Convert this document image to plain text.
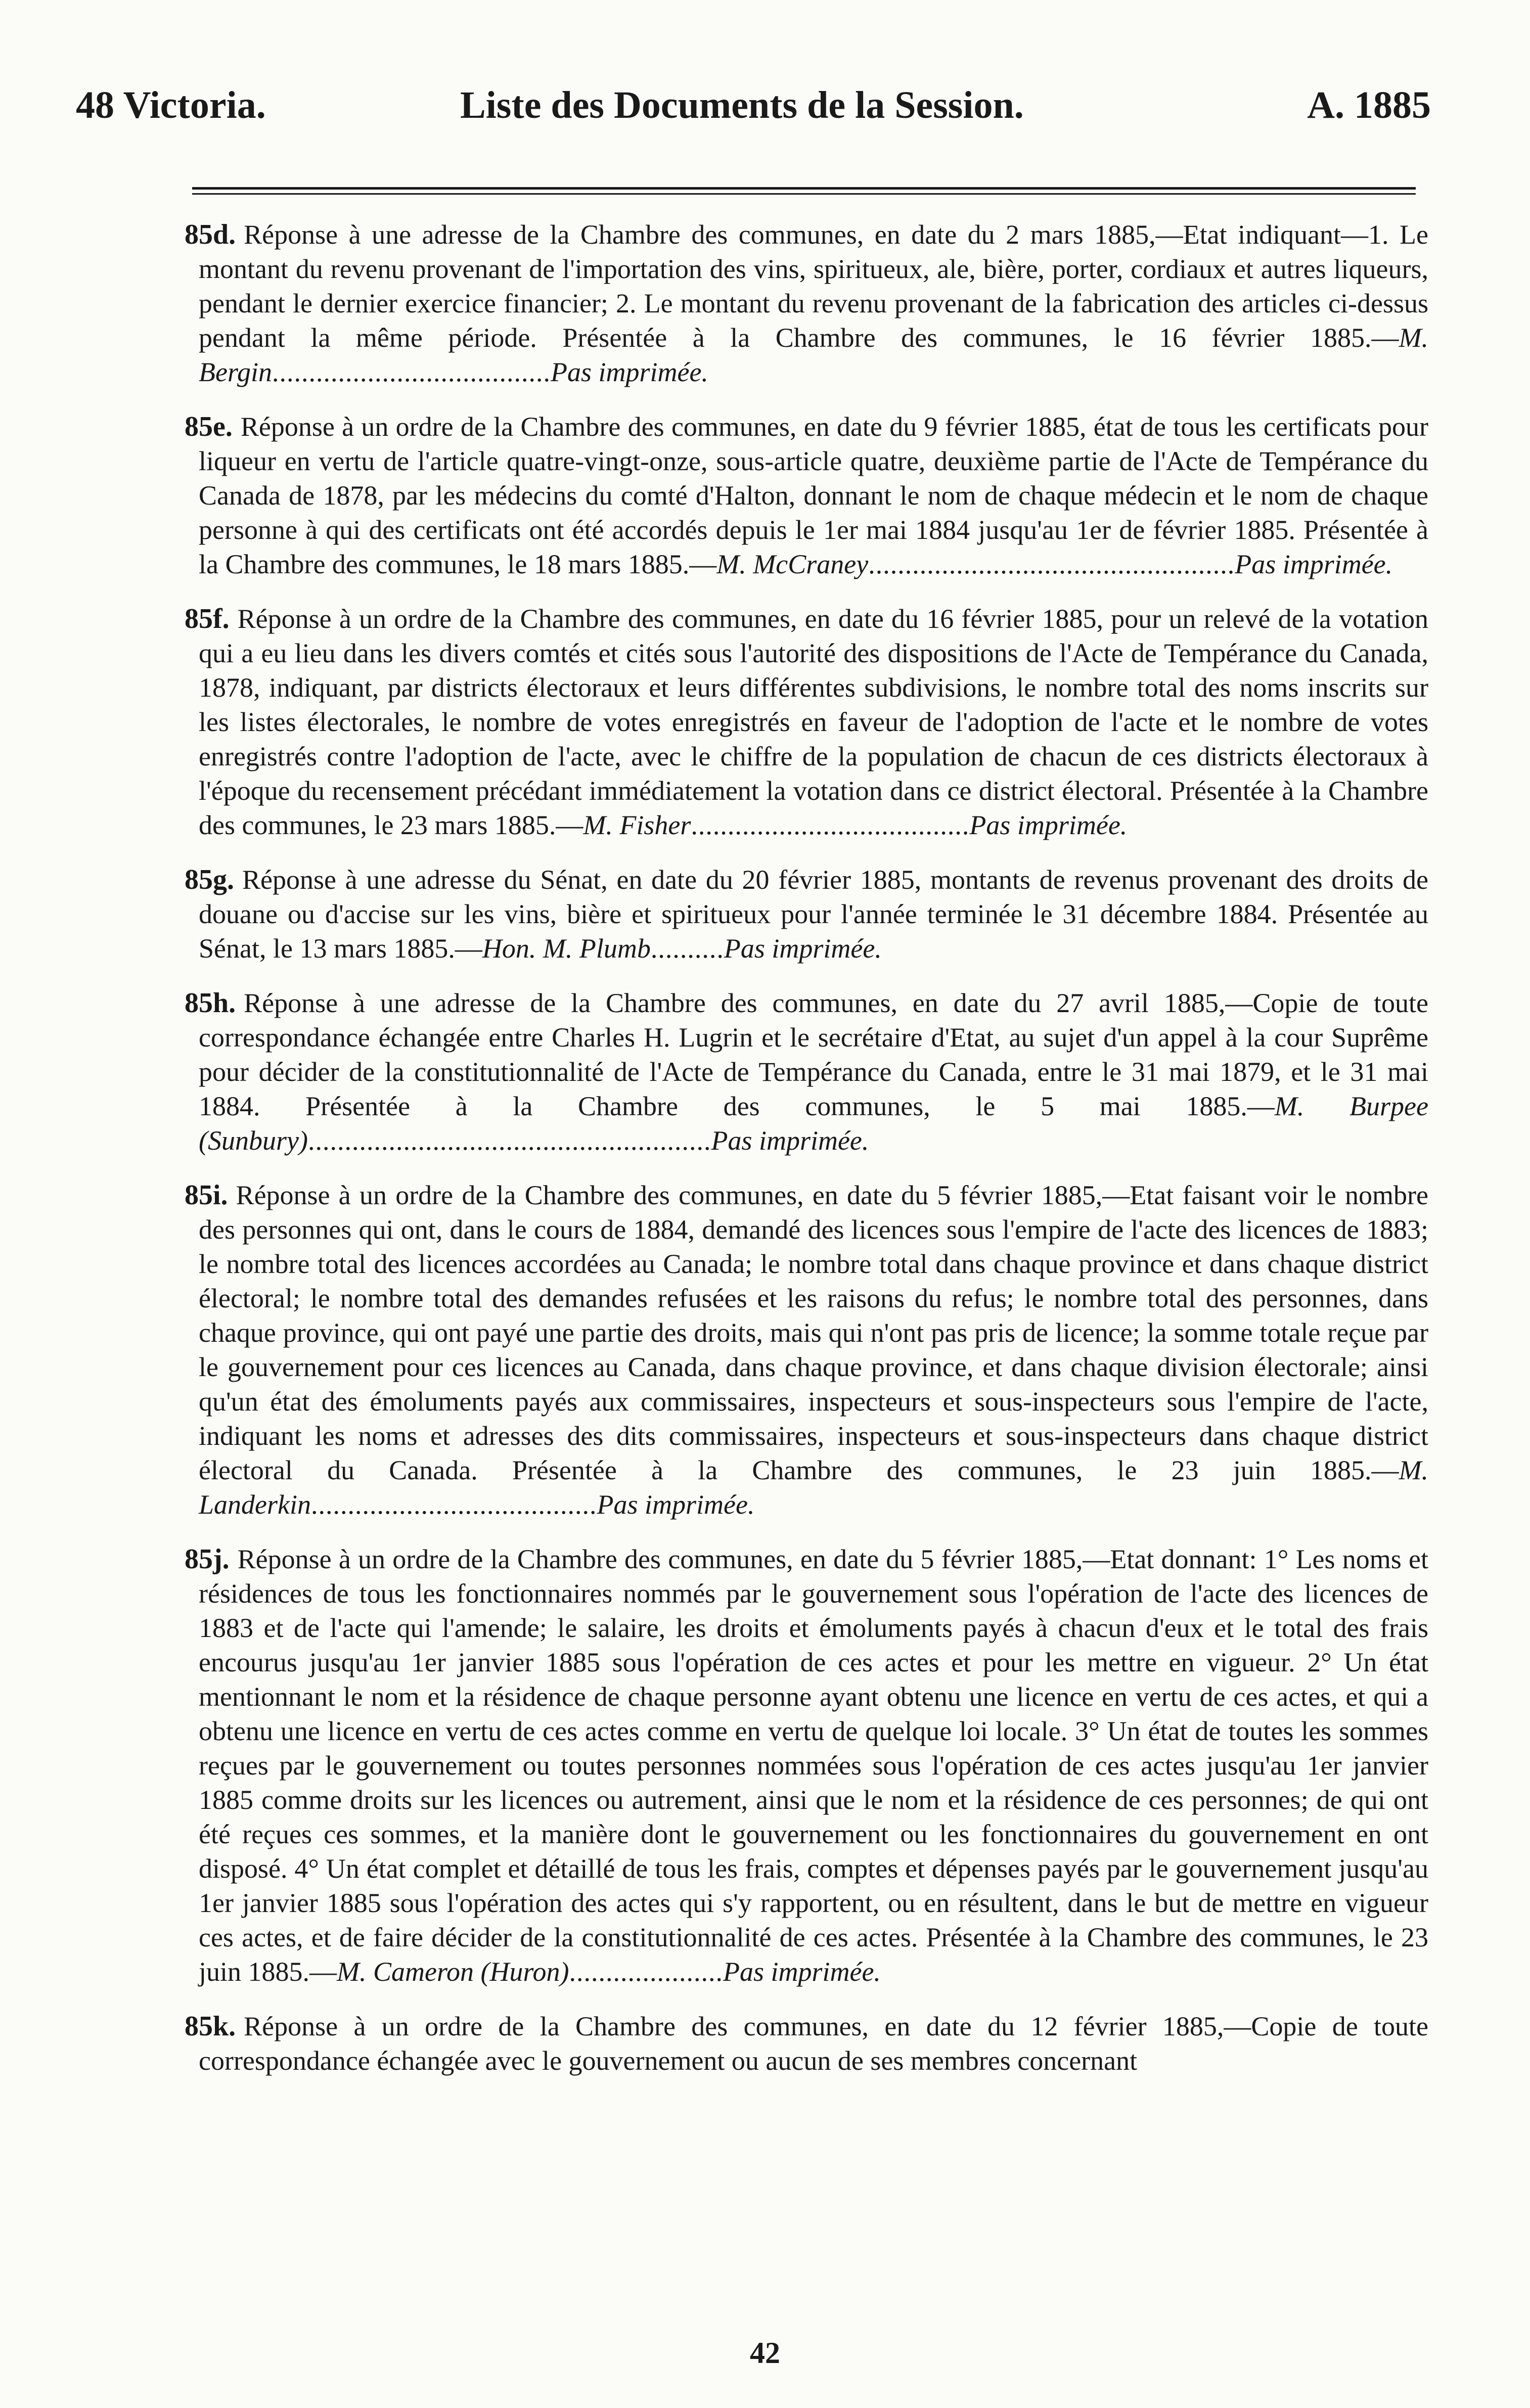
48 Victoria.	Liste des Documents de la Session.	A. 1885

85d. Réponse à une adresse de la Chambre des communes, en date du 2 mars 1885,—Etat indiquant—1. Le montant du revenu provenant de l'importation des vins, spiritueux, ale, bière, porter, cordiaux et autres liqueurs, pendant le dernier exercice financier; 2. Le montant du revenu provenant de la fabrication des articles ci-dessus pendant la même période. Présentée à la Chambre des communes, le 16 février 1885.—M. Bergin......................................Pas imprimée.

85e. Réponse à un ordre de la Chambre des communes, en date du 9 février 1885, état de tous les certificats pour liqueur en vertu de l'article quatre-vingt-onze, sous-article quatre, deuxième partie de l'Acte de Tempérance du Canada de 1878, par les médecins du comté d'Halton, donnant le nom de chaque médecin et le nom de chaque personne à qui des certificats ont été accordés depuis le 1er mai 1884 jusqu'au 1er de février 1885. Présentée à la Chambre des communes, le 18 mars 1885.—M. McCraney..................................................Pas imprimée.

85f. Réponse à un ordre de la Chambre des communes, en date du 16 février 1885, pour un relevé de la votation qui a eu lieu dans les divers comtés et cités sous l'autorité des dispositions de l'Acte de Tempérance du Canada, 1878, indiquant, par districts électoraux et leurs différentes subdivisions, le nombre total des noms inscrits sur les listes électorales, le nombre de votes enregistrés en faveur de l'adoption de l'acte et le nombre de votes enregistrés contre l'adoption de l'acte, avec le chiffre de la population de chacun de ces districts électoraux à l'époque du recensement précédant immédiatement la votation dans ce district électoral. Présentée à la Chambre des communes, le 23 mars 1885.—M. Fisher......................................Pas imprimée.

85g. Réponse à une adresse du Sénat, en date du 20 février 1885, montants de revenus provenant des droits de douane ou d'accise sur les vins, bière et spiritueux pour l'année terminée le 31 décembre 1884. Présentée au Sénat, le 13 mars 1885.—Hon. M. Plumb..........Pas imprimée.

85h. Réponse à une adresse de la Chambre des communes, en date du 27 avril 1885,—Copie de toute correspondance échangée entre Charles H. Lugrin et le secrétaire d'Etat, au sujet d'un appel à la cour Suprême pour décider de la constitutionnalité de l'Acte de Tempérance du Canada, entre le 31 mai 1879, et le 31 mai 1884. Présentée à la Chambre des communes, le 5 mai 1885.—M. Burpee (Sunbury).......................................................Pas imprimée.

85i. Réponse à un ordre de la Chambre des communes, en date du 5 février 1885,—Etat faisant voir le nombre des personnes qui ont, dans le cours de 1884, demandé des licences sous l'empire de l'acte des licences de 1883; le nombre total des licences accordées au Canada; le nombre total dans chaque province et dans chaque district électoral; le nombre total des demandes refusées et les raisons du refus; le nombre total des personnes, dans chaque province, qui ont payé une partie des droits, mais qui n'ont pas pris de licence; la somme totale reçue par le gouvernement pour ces licences au Canada, dans chaque province, et dans chaque division électorale; ainsi qu'un état des émoluments payés aux commissaires, inspecteurs et sous-inspecteurs sous l'empire de l'acte, indiquant les noms et adresses des dits commissaires, inspecteurs et sous-inspecteurs dans chaque district électoral du Canada. Présentée à la Chambre des communes, le 23 juin 1885.—M. Landerkin.......................................Pas imprimée.

85j. Réponse à un ordre de la Chambre des communes, en date du 5 février 1885,—Etat donnant: 1° Les noms et résidences de tous les fonctionnaires nommés par le gouvernement sous l'opération de l'acte des licences de 1883 et de l'acte qui l'amende; le salaire, les droits et émoluments payés à chacun d'eux et le total des frais encourus jusqu'au 1er janvier 1885 sous l'opération de ces actes et pour les mettre en vigueur. 2° Un état mentionnant le nom et la résidence de chaque personne ayant obtenu une licence en vertu de ces actes, et qui a obtenu une licence en vertu de ces actes comme en vertu de quelque loi locale. 3° Un état de toutes les sommes reçues par le gouvernement ou toutes personnes nommées sous l'opération de ces actes jusqu'au 1er janvier 1885 comme droits sur les licences ou autrement, ainsi que le nom et la résidence de ces personnes; de qui ont été reçues ces sommes, et la manière dont le gouvernement ou les fonctionnaires du gouvernement en ont disposé. 4° Un état complet et détaillé de tous les frais, comptes et dépenses payés par le gouvernement jusqu'au 1er janvier 1885 sous l'opération des actes qui s'y rapportent, ou en résultent, dans le but de mettre en vigueur ces actes, et de faire décider de la constitutionnalité de ces actes. Présentée à la Chambre des communes, le 23 juin 1885.—M. Cameron (Huron).....................Pas imprimée.

85k. Réponse à un ordre de la Chambre des communes, en date du 12 février 1885,—Copie de toute correspondance échangée avec le gouvernement ou aucun de ses membres concernant

42
